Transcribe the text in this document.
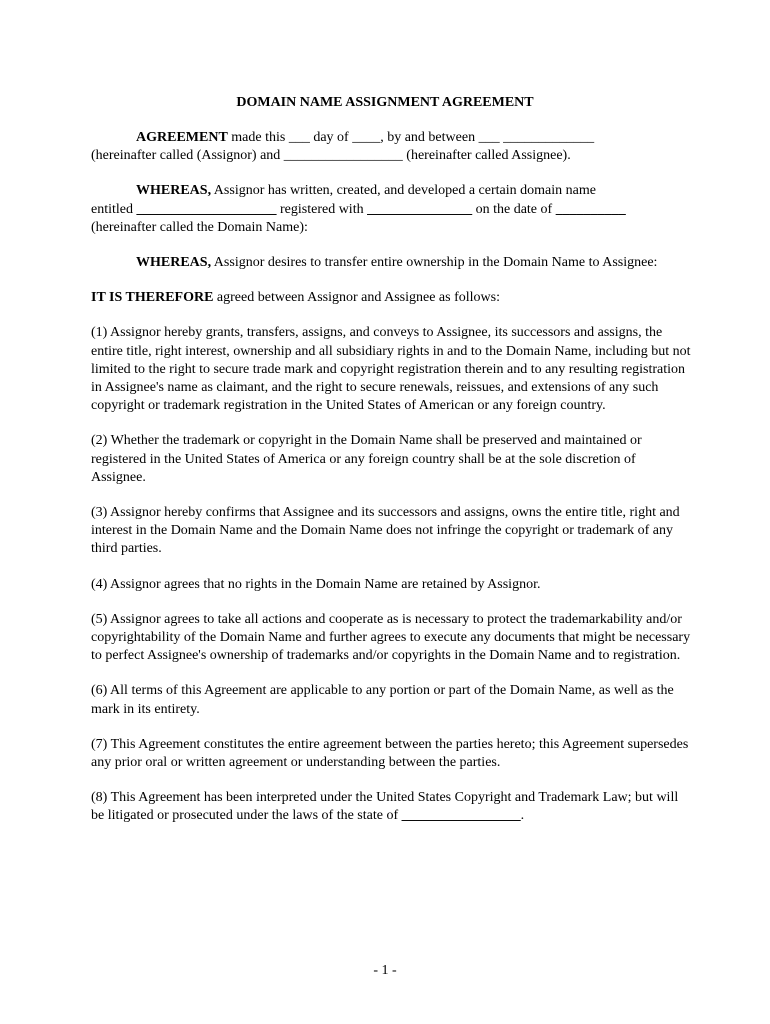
DOMAIN NAME ASSIGNMENT AGREEMENT

AGREEMENT made this ___ day of ____, by and between ___ _____________
(hereinafter called (Assignor) and _________________ (hereinafter called Assignee).

WHEREAS, Assignor has written, created, and developed a certain domain name
entitled ____________________ registered with _______________ on the date of __________
(hereinafter called the Domain Name):

WHEREAS, Assignor desires to transfer entire ownership in the Domain Name to Assignee:

IT IS THEREFORE agreed between Assignor and Assignee as follows:

(1) Assignor hereby grants, transfers, assigns, and conveys to Assignee, its successors and assigns, the entire title, right interest, ownership and all subsidiary rights in and to the Domain Name, including but not limited to the right to secure trade mark and copyright registration therein and to any resulting registration in Assignee's name as claimant, and the right to secure renewals, reissues, and extensions of any such copyright or trademark registration in the United States of American or any foreign country.

(2) Whether the trademark or copyright in the Domain Name shall be preserved and maintained or registered in the United States of America or any foreign country shall be at the sole discretion of Assignee.

(3) Assignor hereby confirms that Assignee and its successors and assigns, owns the entire title, right and interest in the Domain Name and the Domain Name does not infringe the copyright or trademark of any third parties.

(4) Assignor agrees that no rights in the Domain Name are retained by Assignor.

(5) Assignor agrees to take all actions and cooperate as is necessary to protect the trademarkability and/or copyrightability of the Domain Name and further agrees to execute any documents that might be necessary to perfect Assignee's ownership of trademarks and/or copyrights in the Domain Name and to registration.

(6) All terms of this Agreement are applicable to any portion or part of the Domain Name, as well as the mark in its entirety.

(7) This Agreement constitutes the entire agreement between the parties hereto; this Agreement supersedes any prior oral or written agreement or understanding between the parties.

(8) This Agreement has been interpreted under the United States Copyright and Trademark Law; but will be litigated or prosecuted under the laws of the state of _________________.

- 1 -
